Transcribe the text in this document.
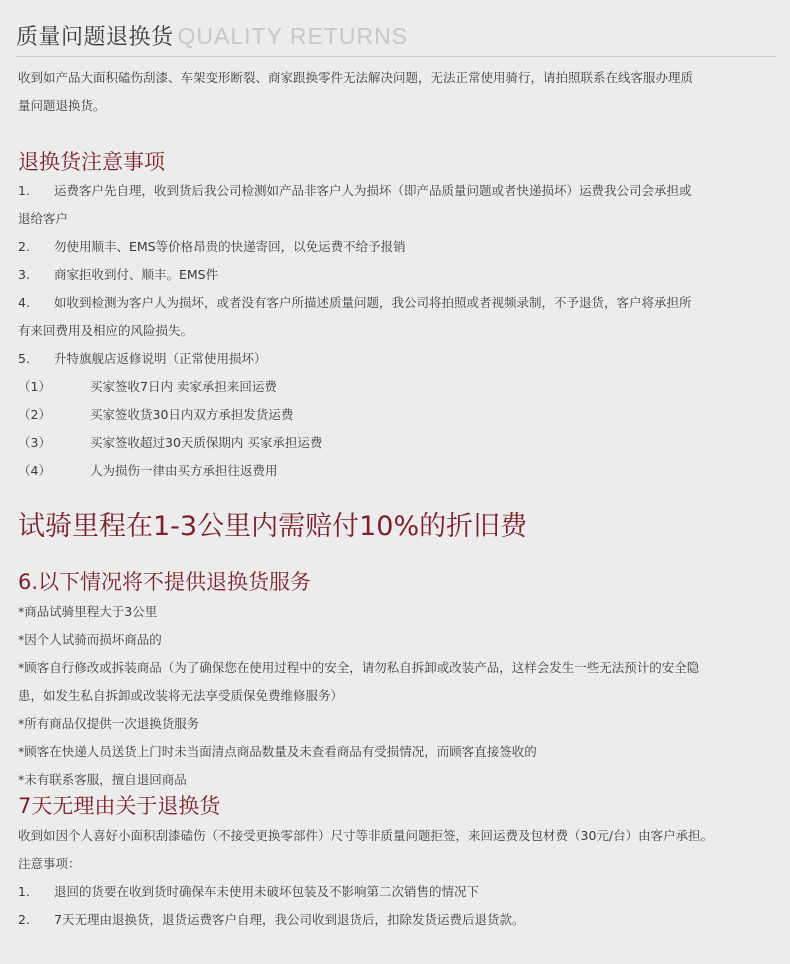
质量问题退换货 QUALITY RETURNS
收到如产品大面积磕伤刮漆、车架变形断裂、商家跟换零件无法解决问题，无法正常使用骑行，请拍照联系在线客服办理质
量问题退换货。
退换货注意事项
1. 运费客户先自理，收到货后我公司检测如产品非客户人为损坏（即产品质量问题或者快递损坏）运费我公司会承担或
退给客户
2. 勿使用顺丰、EMS等价格昂贵的快递寄回，以免运费不给予报销
3. 商家拒收到付、顺丰。EMS件
4. 如收到检测为客户人为损坏，或者没有客户所描述质量问题，我公司将拍照或者视频录制，不予退货，客户将承担所
有来回费用及相应的风险损失。
5. 升特旗舰店返修说明（正常使用损坏）
（1）	买家签收7日内 卖家承担来回运费
（2）	买家签收货30日内双方承担发货运费
（3）	买家签收超过30天质保期内 买家承担运费
（4）	人为损伤一律由买方承担往返费用
试骑里程在1-3公里内需赔付10%的折旧费
6.以下情况将不提供退换货服务
*商品试骑里程大于3公里
*因个人试骑而损坏商品的
*顾客自行修改或拆装商品（为了确保您在使用过程中的安全，请勿私自拆卸或改装产品，这样会发生一些无法预计的安全隐
患，如发生私自拆卸或改装将无法享受质保免费维修服务）
*所有商品仅提供一次退换货服务
*顾客在快递人员送货上门时未当面清点商品数量及未查看商品有受损情况，而顾客直接签收的
*未有联系客服，擅自退回商品
7天无理由关于退换货
收到如因个人喜好小面积刮漆磕伤（不接受更换零部件）尺寸等非质量问题拒签，来回运费及包材费（30元/台）由客户承担。
注意事项：
1. 退回的货要在收到货时确保车未使用未破坏包装及不影响第二次销售的情况下
2. 7天无理由退换货，退货运费客户自理，我公司收到退货后，扣除发货运费后退货款。
